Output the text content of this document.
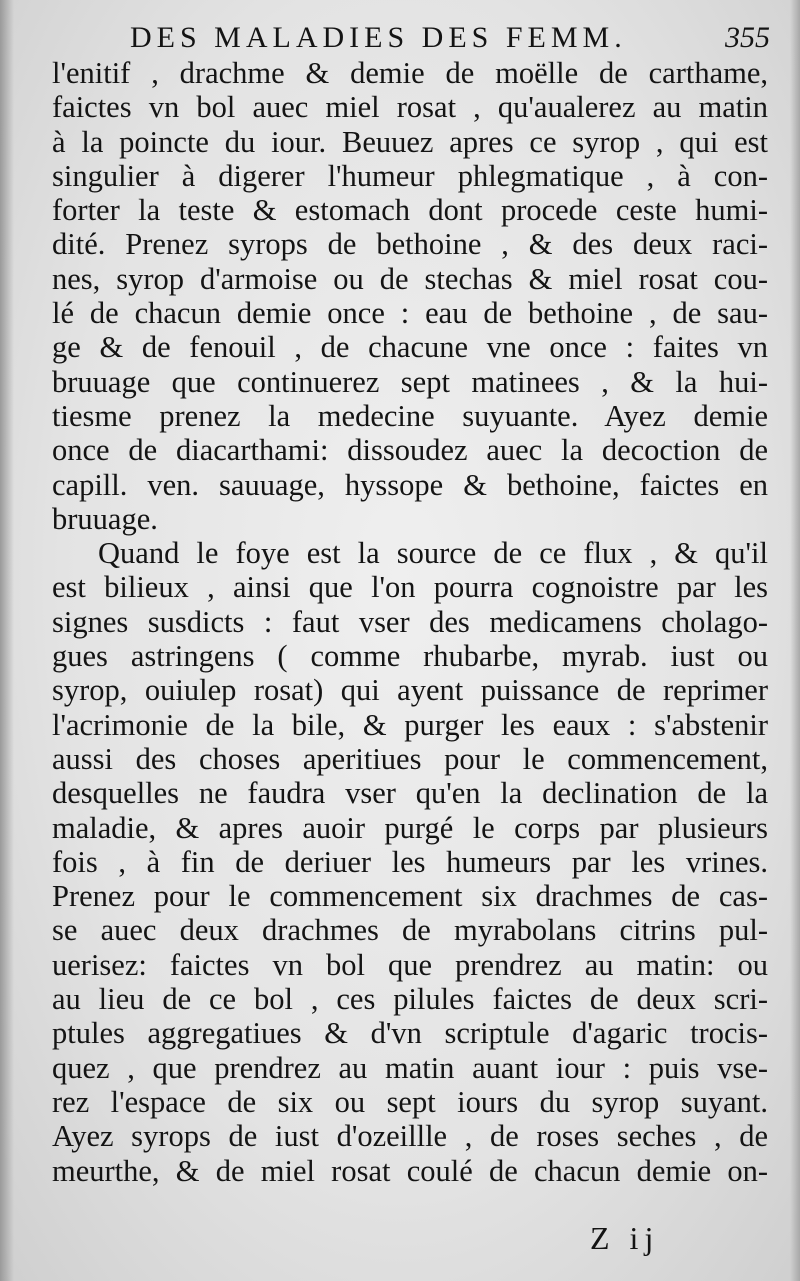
DES MALADIES DES FEMM.	355
l'enitif , drachme & demie de moëlle de carthame,
faictes vn bol auec miel rosat , qu'aualerez au matin
à la poincte du iour. Beuuez apres ce syrop , qui est
singulier à digerer l'humeur phlegmatique , à con-
forter la teste & estomach dont procede ceste humi-
dité. Prenez syrops de bethoine , & des deux raci-
nes, syrop d'armoise ou de stechas & miel rosat cou-
lé de chacun demie once : eau de bethoine , de sau-
ge & de fenouil , de chacune vne once : faites vn
bruuage que continuerez sept matinees , & la hui-
tiesme prenez la medecine suyuante. Ayez demie
once de diacarthami: dissoudez auec la decoction de
capill. ven. sauuage, hyssope & bethoine, faictes en
bruuage.
Quand le foye est la source de ce flux , & qu'il
est bilieux , ainsi que l'on pourra cognoistre par les
signes susdicts : faut vser des medicamens cholago-
gues astringens ( comme rhubarbe, myrab. iust ou
syrop, ouiulep rosat) qui ayent puissance de reprimer
l'acrimonie de la bile, & purger les eaux : s'abstenir
aussi des choses aperitiues pour le commencement,
desquelles ne faudra vser qu'en la declination de la
maladie, & apres auoir purgé le corps par plusieurs
fois , à fin de deriuer les humeurs par les vrines.
Prenez pour le commencement six drachmes de cas-
se auec deux drachmes de myrabolans citrins pul-
uerisez: faictes vn bol que prendrez au matin: ou
au lieu de ce bol , ces pilules faictes de deux scri-
ptules aggregatiues & d'vn scriptule d'agaric trocis-
quez , que prendrez au matin auant iour : puis vse-
rez l'espace de six ou sept iours du syrop suyant.
Ayez syrops de iust d'ozeillle , de roses seches , de
meurthe, & de miel rosat coulé de chacun demie on-
Z ij
